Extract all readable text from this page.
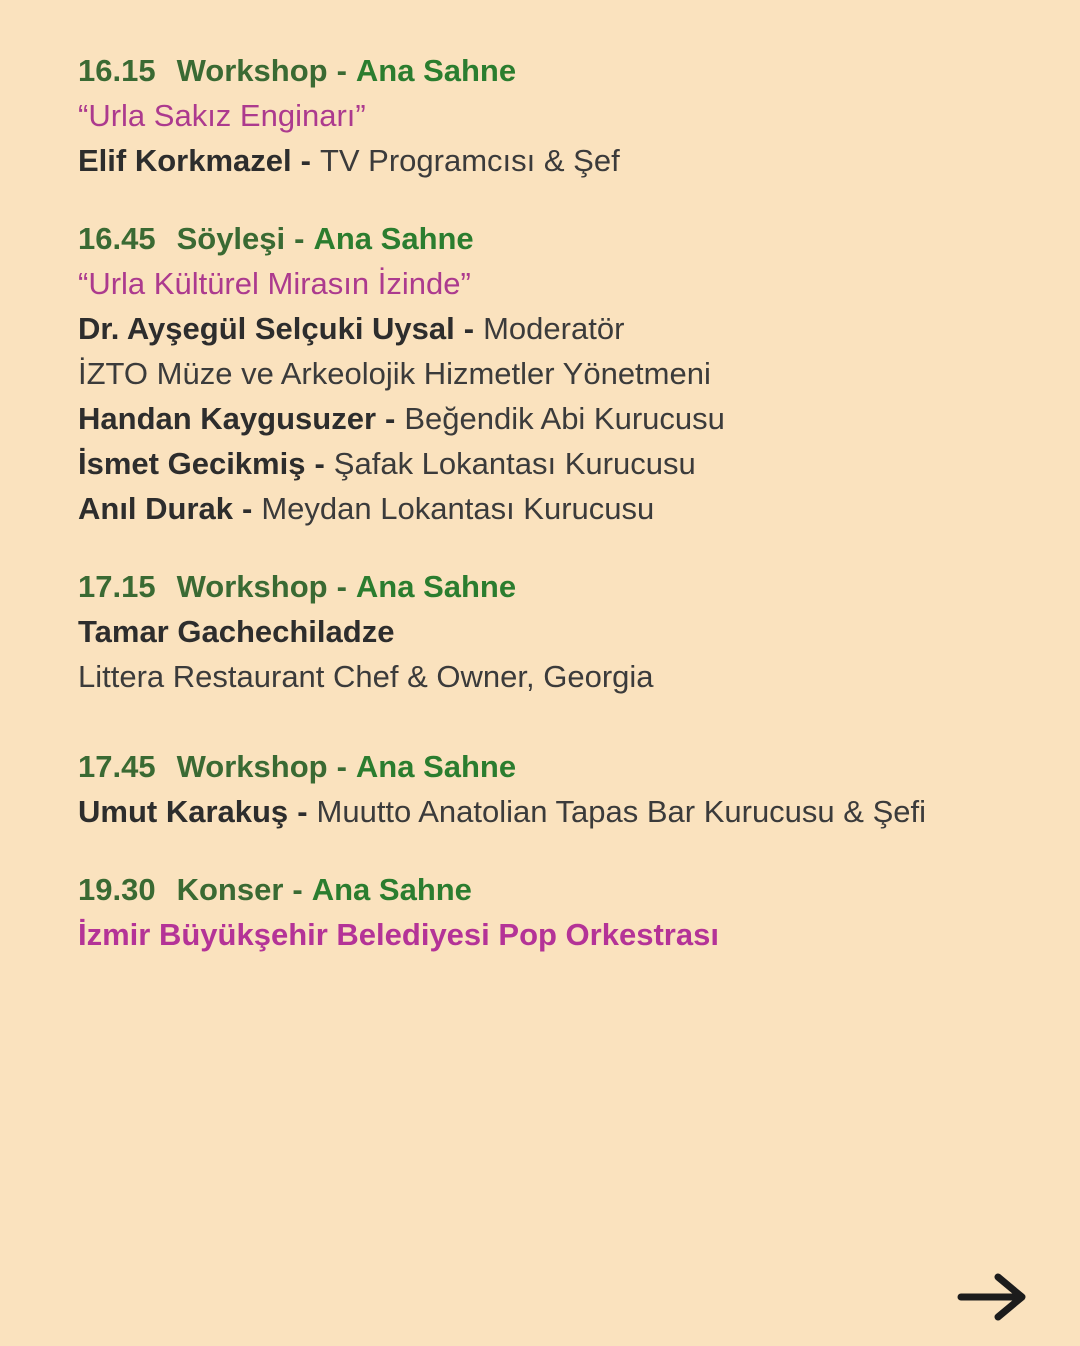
16.15 Workshop - Ana Sahne

“Urla Sakız Enginarı”

Elif Korkmazel - TV Programcısı & Şef

16.45 Söyleşi - Ana Sahne

“Urla Kültürel Mirasın İzinde”

Dr. Ayşegül Selçuki Uysal - Moderatör

İZTO Müze ve Arkeolojik Hizmetler Yönetmeni

Handan Kaygusuzer - Beğendik Abi Kurucusu

İsmet Gecikmiş - Şafak Lokantası Kurucusu

Anıl Durak - Meydan Lokantası Kurucusu

17.15 Workshop - Ana Sahne

Tamar Gachechiladze

Littera Restaurant Chef & Owner, Georgia

17.45 Workshop - Ana Sahne

Umut Karakuş - Muutto Anatolian Tapas Bar Kurucusu & Şefi

19.30 Konser - Ana Sahne

İzmir Büyükşehir Belediyesi Pop Orkestrası
